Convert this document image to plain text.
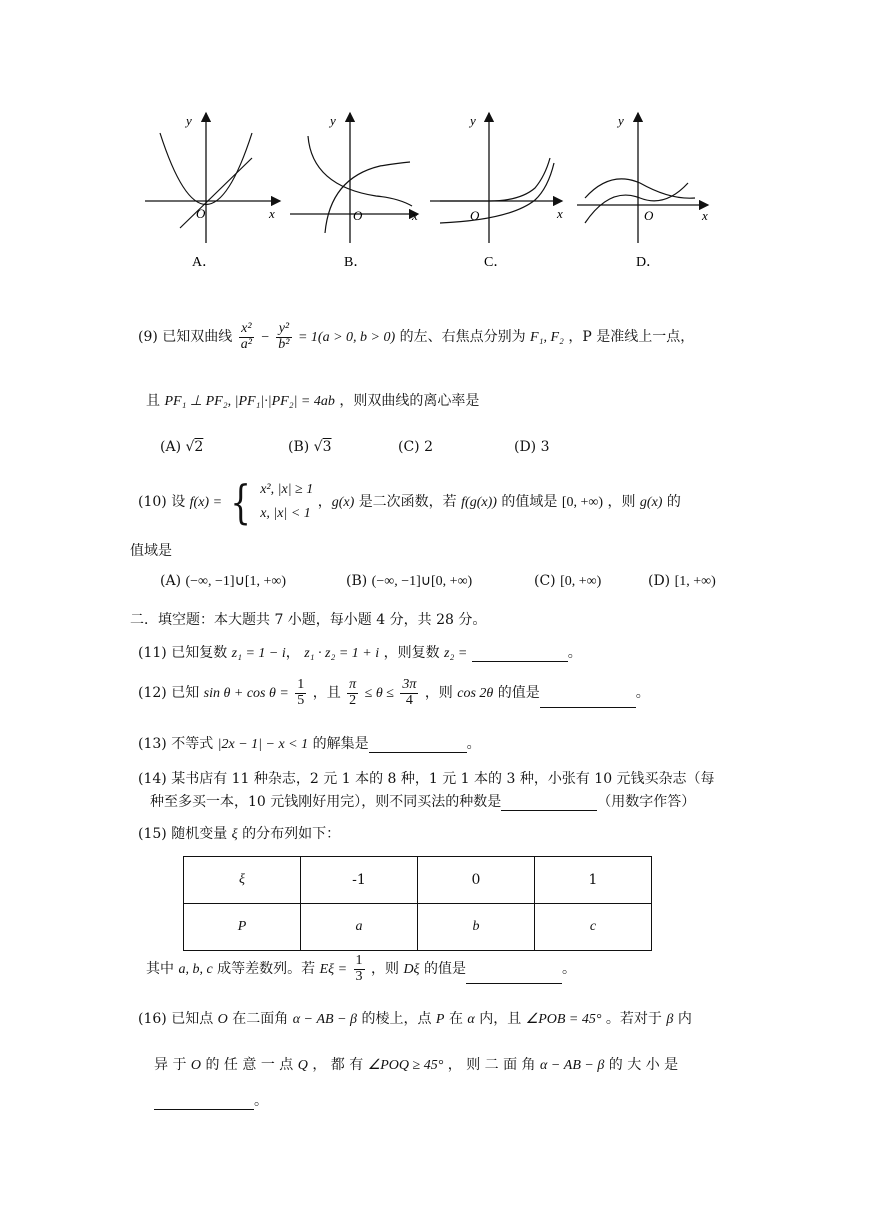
y
x
O
A．
y
x
O
B．
y
x
O
C．
y
x
O
D．
(9) 已知双曲线 $\frac{\text{x²}}{\text{a²}} - \frac{\text{y²}}{\text{b²}} = 1(a > 0$, b > 0) 的左、右焦点分别为 F₁, F₂ ，P 是准线上一点，
且 PF₁ ⊥ PF₂, |PF₁|·|PF₂| = 4ab ，则双曲线的离心率是
(A) √2	(B) √3	(C) 2	(D) 3
(10) 设 f(x) = { x², |x| ≥ 1
x, |x| < 1
，g(x) 是二次函数，若 f(g(x)) 的值域是 [0, +∞) ，则 g(x) 的
值域是
(A) (−∞, −1]∪[1, +∞)	(B) (−∞, −1]∪[0, +∞)	(C) [0, +∞)	(D) [1, +∞)
二．填空题：本大题共 7 小题，每小题 4 分，共 28 分。
(11) 已知复数 z₁ = 1 − i， z₁ · z₂ = 1 + i ，则复数 z₂ =	。
(12) 已知 $\sin \theta + \cos \theta = \frac{1}{5}$ ，且 $\frac{\pi}{2} \le \theta \le \frac{3\pi}{4}$ ，则 cos 2θ 的值是	。
(13) 不等式 |2x − 1| − x < 1 的解集是	。
(14) 某书店有 11 种杂志，2 元 1 本的 8 种，1 元 1 本的 3 种，小张有 10 元钱买杂志（每
种至多买一本，10 元钱刚好用完），则不同买法的种数是	（用数字作答）
(15) 随机变量 ξ 的分布列如下：
ξ	-1	0	1
P	a	b	c
其中 a, b, c 成等差数列。若 $E\xi = \frac{1}{3}$ ，则 Dξ 的值是	。
(16) 已知点 O 在二面角 α − AB − β 的棱上，点 P 在 α 内，且 ∠POB = 45° 。若对于 β 内
异 于 O 的 任 意 一 点 Q ， 都 有 ∠POQ ≥ 45° ， 则 二 面 角 α − AB − β 的 大 小 是
。
